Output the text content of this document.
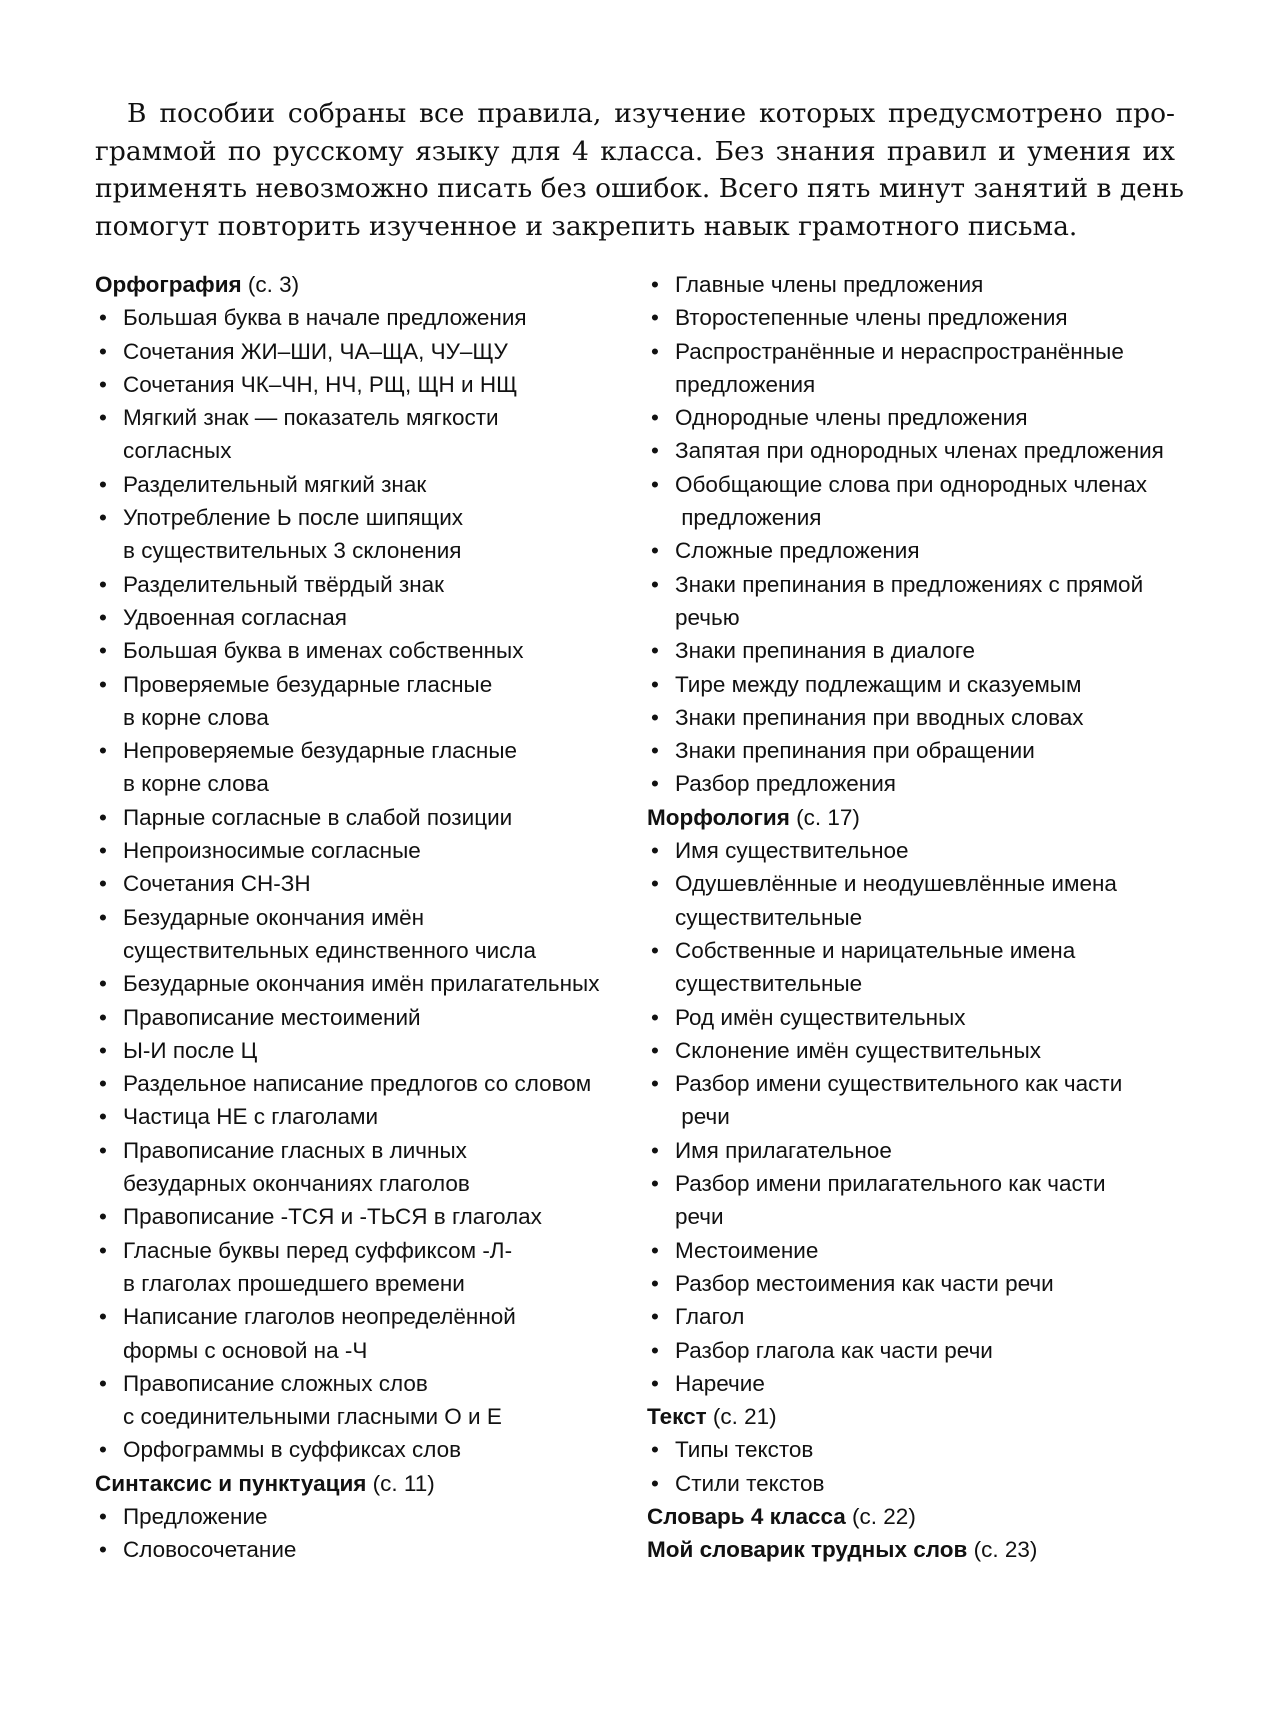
В пособии собраны все правила, изучение которых предусмотрено про-
граммой по русскому языку для 4 класса. Без знания правил и умения их
применять невозможно писать без ошибок. Всего пять минут занятий в день
помогут повторить изученное и закрепить навык грамотного письма.

Орфография (с. 3)
• Большая буква в начале предложения
• Сочетания ЖИ–ШИ, ЧА–ЩА, ЧУ–ЩУ
• Сочетания ЧК–ЧН, НЧ, РЩ, ЩН и НЩ
• Мягкий знак — показатель мягкости
согласных
• Разделительный мягкий знак
• Употребление Ь после шипящих
в существительных 3 склонения
• Разделительный твёрдый знак
• Удвоенная согласная
• Большая буква в именах собственных
• Проверяемые безударные гласные
в корне слова
• Непроверяемые безударные гласные
в корне слова
• Парные согласные в слабой позиции
• Непроизносимые согласные
• Сочетания СН-ЗН
• Безударные окончания имён
существительных единственного числа
• Безударные окончания имён прилагательных
• Правописание местоимений
• Ы-И после Ц
• Раздельное написание предлогов со словом
• Частица НЕ с глаголами
• Правописание гласных в личных
безударных окончаниях глаголов
• Правописание -ТСЯ и -ТЬСЯ в глаголах
• Гласные буквы перед суффиксом -Л-
в глаголах прошедшего времени
• Написание глаголов неопределённой
формы с основой на -Ч
• Правописание сложных слов
с соединительными гласными О и Е
• Орфограммы в суффиксах слов
Синтаксис и пунктуация (с. 11)
• Предложение
• Словосочетание
• Главные члены предложения
• Второстепенные члены предложения
• Распространённые и нераспространённые
предложения
• Однородные члены предложения
• Запятая при однородных членах предложения
• Обобщающие слова при однородных членах
предложения
• Сложные предложения
• Знаки препинания в предложениях с прямой
речью
• Знаки препинания в диалоге
• Тире между подлежащим и сказуемым
• Знаки препинания при вводных словах
• Знаки препинания при обращении
• Разбор предложения
Морфология (с. 17)
• Имя существительное
• Одушевлённые и неодушевлённые имена
существительные
• Собственные и нарицательные имена
существительные
• Род имён существительных
• Склонение имён существительных
• Разбор имени существительного как части
речи
• Имя прилагательное
• Разбор имени прилагательного как части
речи
• Местоимение
• Разбор местоимения как части речи
• Глагол
• Разбор глагола как части речи
• Наречие
Текст (с. 21)
• Типы текстов
• Стили текстов
Словарь 4 класса (с. 22)
Мой словарик трудных слов (с. 23)
